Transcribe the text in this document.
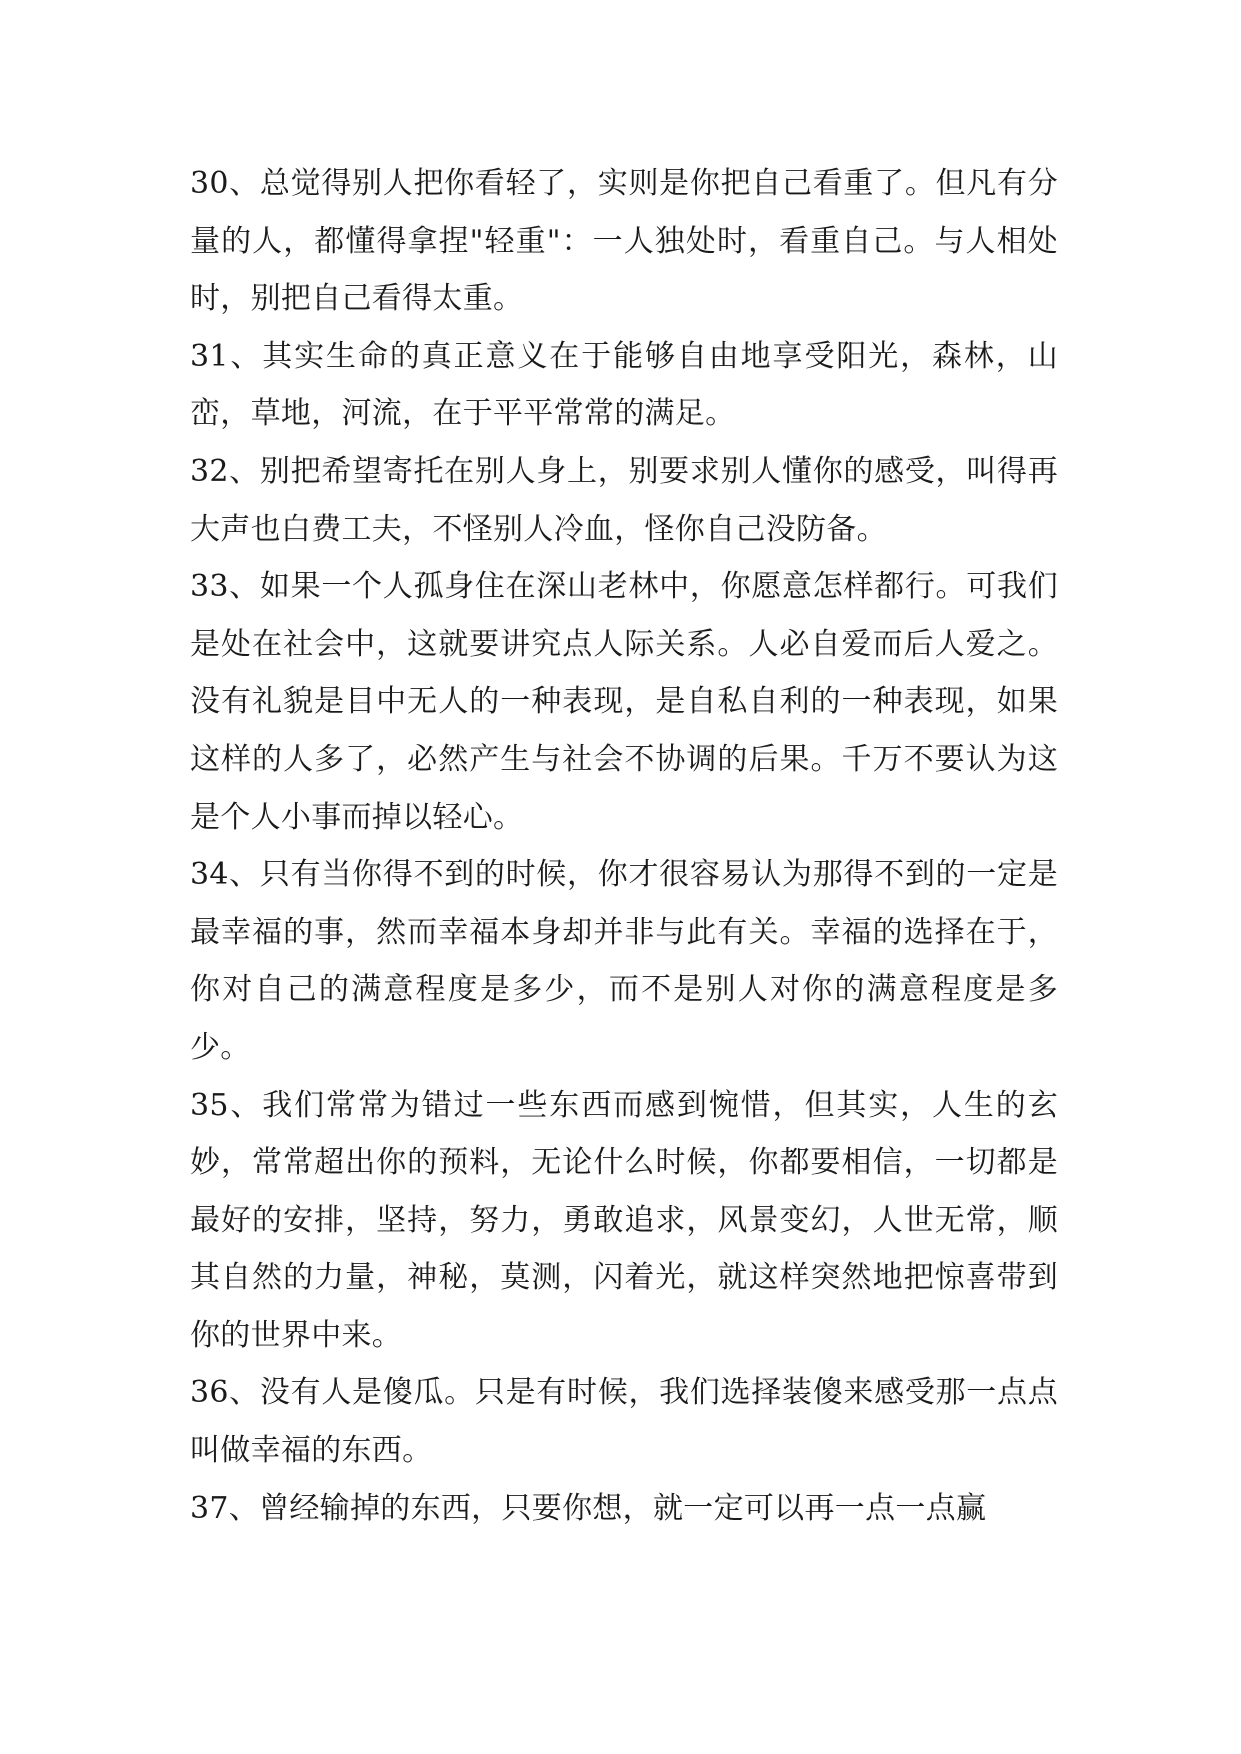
30、总觉得别人把你看轻了，实则是你把自己看重了。但凡有分量的人，都懂得拿捏"轻重"：一人独处时，看重自己。与人相处时，别把自己看得太重。

31、其实生命的真正意义在于能够自由地享受阳光，森林，山峦，草地，河流，在于平平常常的满足。

32、别把希望寄托在别人身上，别要求别人懂你的感受，叫得再大声也白费工夫，不怪别人冷血，怪你自己没防备。

33、如果一个人孤身住在深山老林中，你愿意怎样都行。可我们是处在社会中，这就要讲究点人际关系。人必自爱而后人爱之。没有礼貌是目中无人的一种表现，是自私自利的一种表现，如果这样的人多了，必然产生与社会不协调的后果。千万不要认为这是个人小事而掉以轻心。

34、只有当你得不到的时候，你才很容易认为那得不到的一定是最幸福的事，然而幸福本身却并非与此有关。幸福的选择在于，你对自己的满意程度是多少，而不是别人对你的满意程度是多少。

35、我们常常为错过一些东西而感到惋惜，但其实，人生的玄妙，常常超出你的预料，无论什么时候，你都要相信，一切都是最好的安排，坚持，努力，勇敢追求，风景变幻，人世无常，顺其自然的力量，神秘，莫测，闪着光，就这样突然地把惊喜带到你的世界中来。

36、没有人是傻瓜。只是有时候，我们选择装傻来感受那一点点叫做幸福的东西。

37、曾经输掉的东西，只要你想，就一定可以再一点一点赢
